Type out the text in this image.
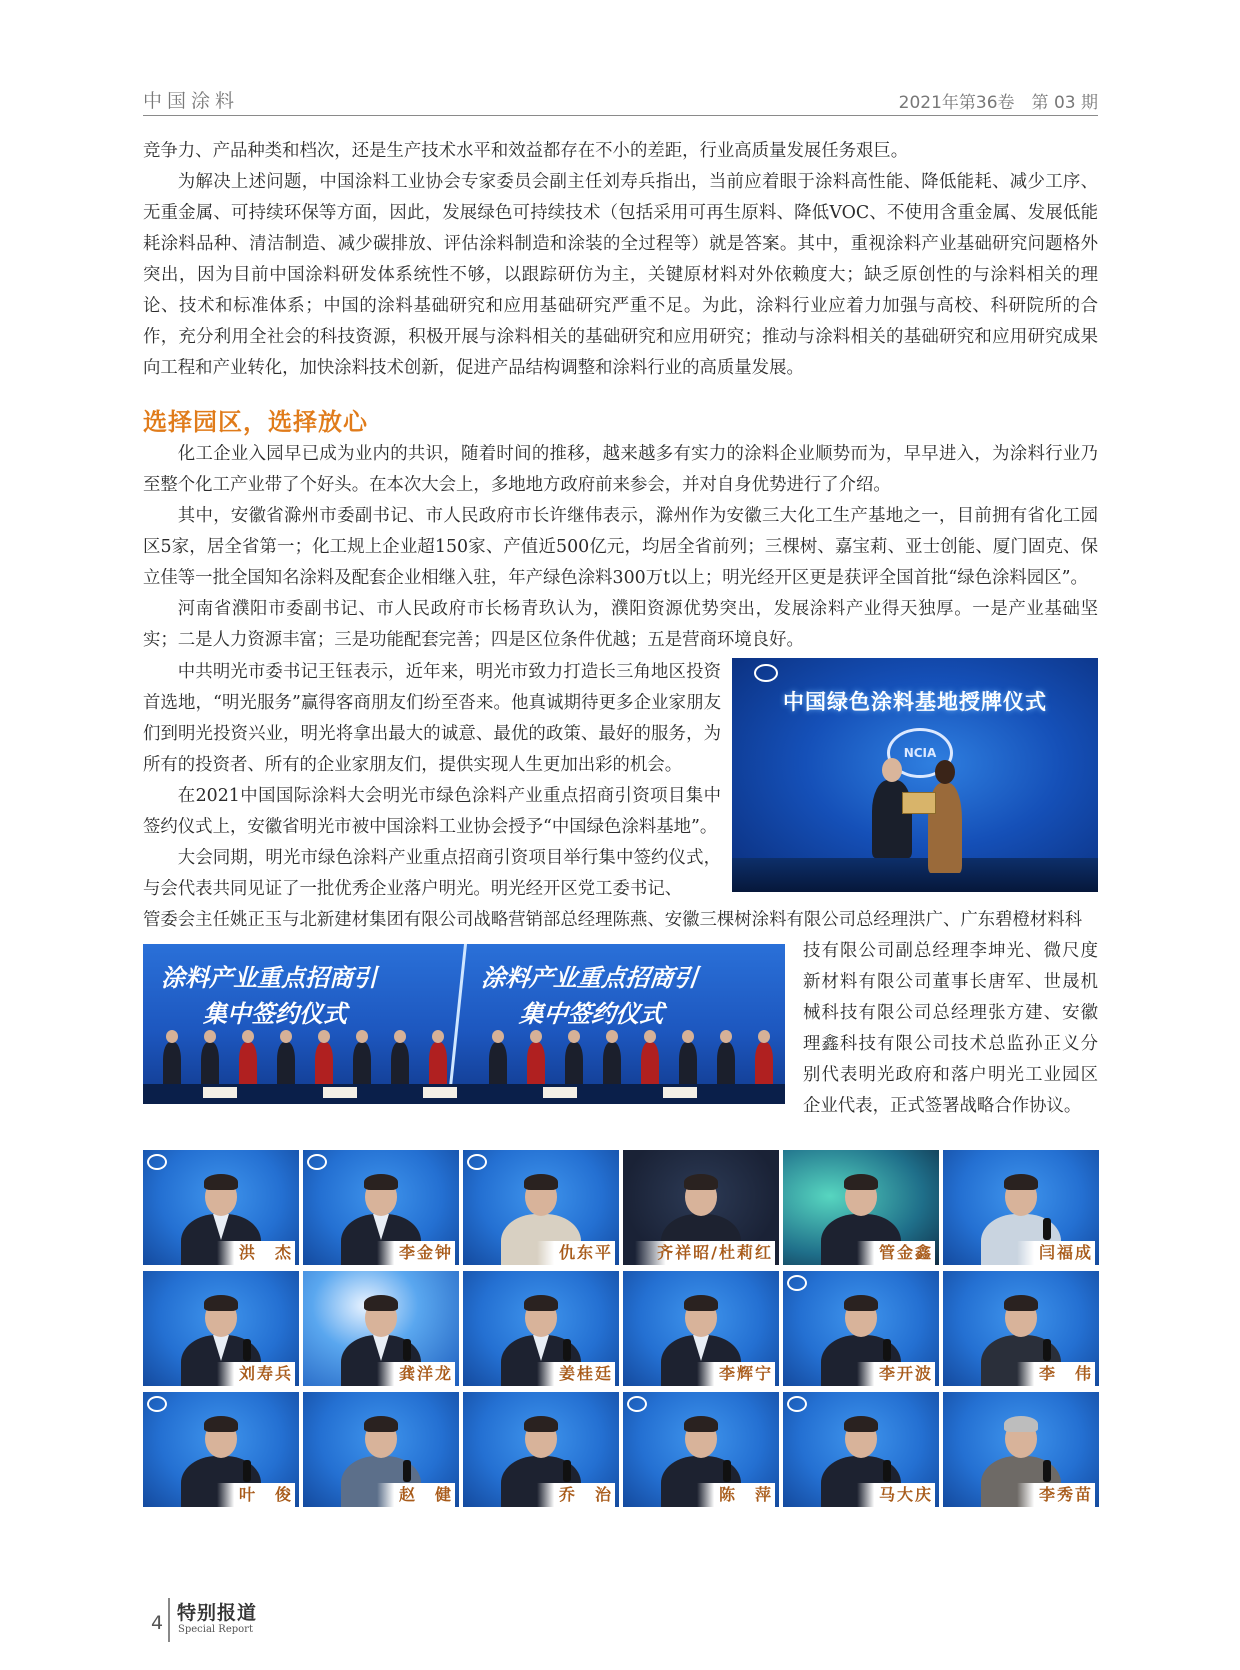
中国涂料	2021年第36卷　第 03 期

竞争力、产品种类和档次，还是生产技术水平和效益都存在不小的差距，行业高质量发展任务艰巨。

为解决上述问题，中国涂料工业协会专家委员会副主任刘寿兵指出，当前应着眼于涂料高性能、降低能耗、减少工序、无重金属、可持续环保等方面，因此，发展绿色可持续技术（包括采用可再生原料、降低VOC、不使用含重金属、发展低能耗涂料品种、清洁制造、减少碳排放、评估涂料制造和涂装的全过程等）就是答案。其中，重视涂料产业基础研究问题格外突出，因为目前中国涂料研发体系统性不够，以跟踪研仿为主，关键原材料对外依赖度大；缺乏原创性的与涂料相关的理论、技术和标准体系；中国的涂料基础研究和应用基础研究严重不足。为此，涂料行业应着力加强与高校、科研院所的合作，充分利用全社会的科技资源，积极开展与涂料相关的基础研究和应用研究；推动与涂料相关的基础研究和应用研究成果向工程和产业转化，加快涂料技术创新，促进产品结构调整和涂料行业的高质量发展。

选择园区，选择放心

化工企业入园早已成为业内的共识，随着时间的推移，越来越多有实力的涂料企业顺势而为，早早进入，为涂料行业乃至整个化工产业带了个好头。在本次大会上，多地地方政府前来参会，并对自身优势进行了介绍。

其中，安徽省滁州市委副书记、市人民政府市长许继伟表示，滁州作为安徽三大化工生产基地之一，目前拥有省化工园区5家，居全省第一；化工规上企业超150家、产值近500亿元，均居全省前列；三棵树、嘉宝莉、亚士创能、厦门固克、保立佳等一批全国知名涂料及配套企业相继入驻，年产绿色涂料300万t以上；明光经开区更是获评全国首批“绿色涂料园区”。

河南省濮阳市委副书记、市人民政府市长杨青玖认为，濮阳资源优势突出，发展涂料产业得天独厚。一是产业基础坚实；二是人力资源丰富；三是功能配套完善；四是区位条件优越；五是营商环境良好。

中共明光市委书记王钰表示，近年来，明光市致力打造长三角地区投资首选地，“明光服务”赢得客商朋友们纷至沓来。他真诚期待更多企业家朋友们到明光投资兴业，明光将拿出最大的诚意、最优的政策、最好的服务，为所有的投资者、所有的企业家朋友们，提供实现人生更加出彩的机会。

在2021中国国际涂料大会明光市绿色涂料产业重点招商引资项目集中签约仪式上，安徽省明光市被中国涂料工业协会授予“中国绿色涂料基地”。

大会同期，明光市绿色涂料产业重点招商引资项目举行集中签约仪式，与会代表共同见证了一批优秀企业落户明光。明光经开区党工委书记、

管委会主任姚正玉与北新建材集团有限公司战略营销部总经理陈燕、安徽三棵树涂料有限公司总经理洪广、广东碧橙材料科

技有限公司副总经理李坤光、微尺度新材料有限公司董事长唐军、世晟机械科技有限公司总经理张方建、安徽理鑫科技有限公司技术总监孙正义分别代表明光政府和落户明光工业园区企业代表，正式签署战略合作协议。

中国绿色涂料基地授牌仪式
NCIA
涂料产业重点招商引
集中签约仪式
涂料产业重点招商引
集中签约仪式
洪　杰	李金钟	仇东平	齐祥昭/杜莉红	管金鑫	闫福成
刘寿兵	龚洋龙	姜桂廷	李辉宁	李开波	李　伟
叶　俊	赵　健	乔　治	陈　萍	马大庆	李秀苗
4 特别报道
Special Report
